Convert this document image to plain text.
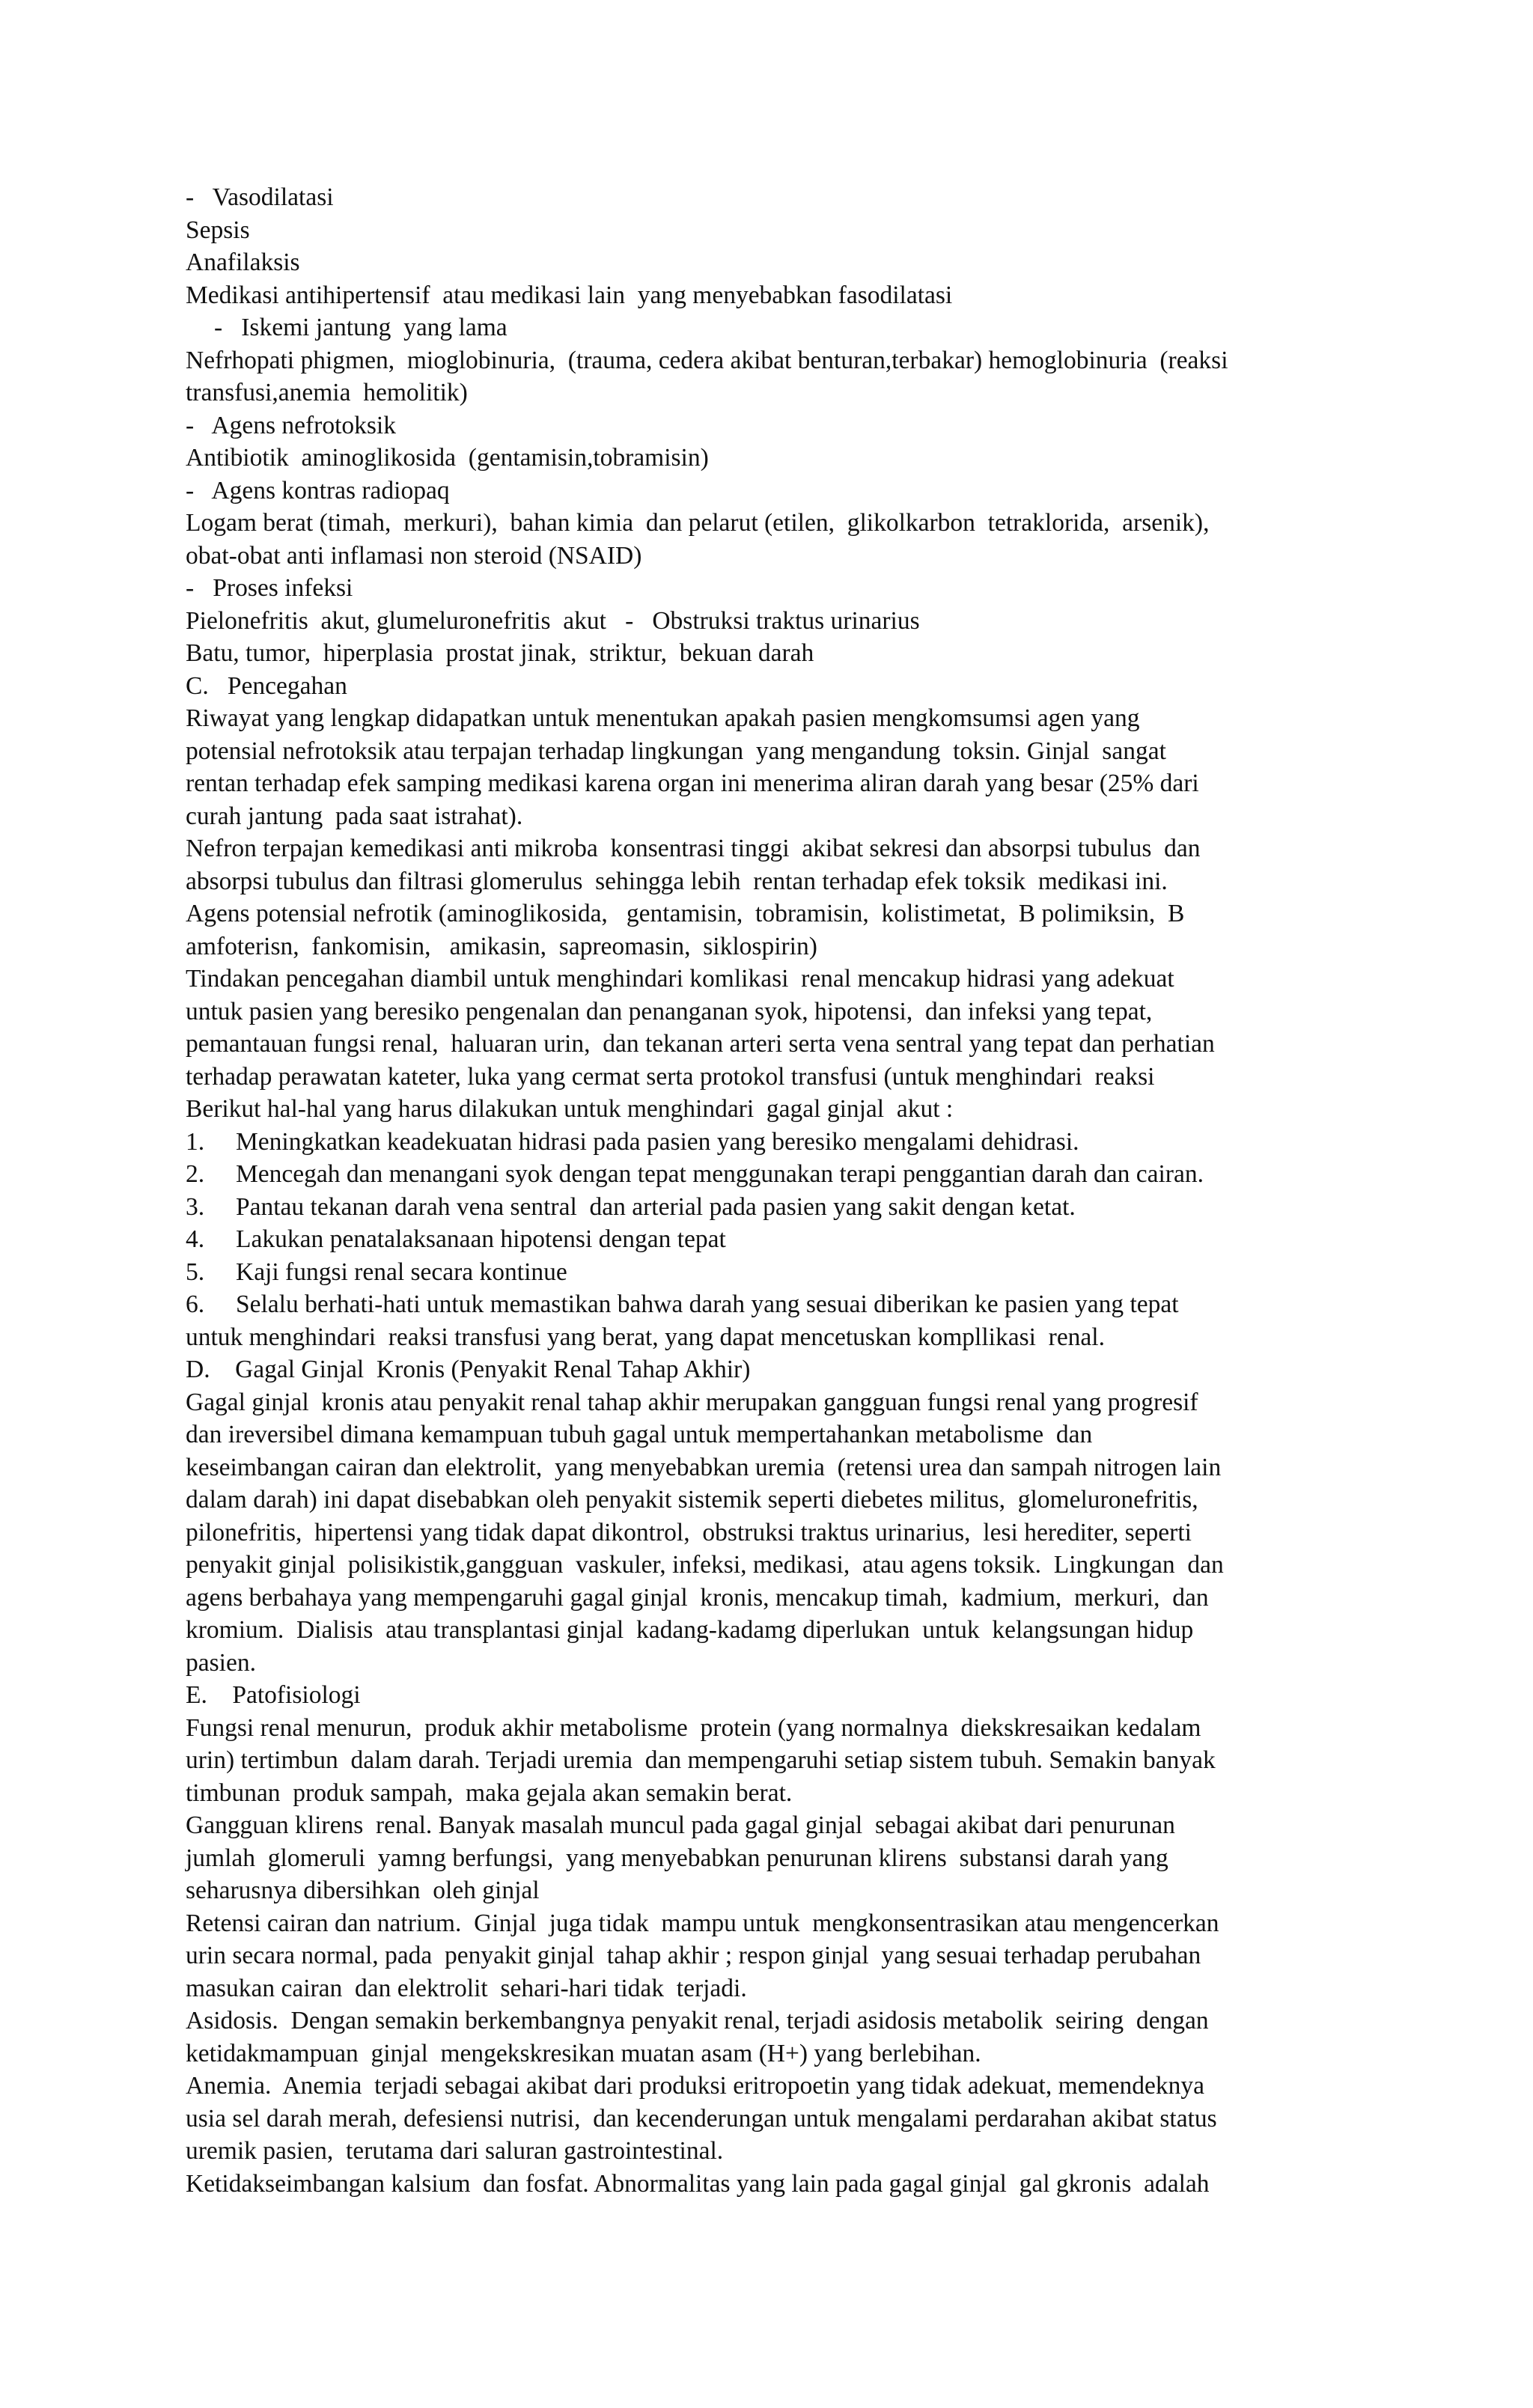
-   Vasodilatasi
Sepsis
Anafilaksis
Medikasi antihipertensif  atau medikasi lain  yang menyebabkan fasodilatasi
-   Iskemi jantung  yang lama
Nefrhopati phigmen,  mioglobinuria,  (trauma, cedera akibat benturan,terbakar) hemoglobinuria  (reaksi
transfusi,anemia  hemolitik)
-   Agens nefrotoksik
Antibiotik  aminoglikosida  (gentamisin,tobramisin)
-   Agens kontras radiopaq
Logam berat (timah,  merkuri),  bahan kimia  dan pelarut (etilen,  glikolkarbon  tetraklorida,  arsenik),
obat-obat anti inflamasi non steroid (NSAID)
-   Proses infeksi
Pielonefritis  akut, glumeluronefritis  akut   -   Obstruksi traktus urinarius
Batu, tumor,  hiperplasia  prostat jinak,  striktur,  bekuan darah
C.   Pencegahan
Riwayat yang lengkap didapatkan untuk menentukan apakah pasien mengkomsumsi agen yang
potensial nefrotoksik atau terpajan terhadap lingkungan  yang mengandung  toksin. Ginjal  sangat
rentan terhadap efek samping medikasi karena organ ini menerima aliran darah yang besar (25% dari
curah jantung  pada saat istrahat).
Nefron terpajan kemedikasi anti mikroba  konsentrasi tinggi  akibat sekresi dan absorpsi tubulus  dan
absorpsi tubulus dan filtrasi glomerulus  sehingga lebih  rentan terhadap efek toksik  medikasi ini.
Agens potensial nefrotik (aminoglikosida,   gentamisin,  tobramisin,  kolistimetat,  B polimiksin,  B
amfoterisn,  fankomisin,   amikasin,  sapreomasin,  siklospirin)
Tindakan pencegahan diambil untuk menghindari komlikasi  renal mencakup hidrasi yang adekuat
untuk pasien yang beresiko pengenalan dan penanganan syok, hipotensi,  dan infeksi yang tepat,
pemantauan fungsi renal,  haluaran urin,  dan tekanan arteri serta vena sentral yang tepat dan perhatian
terhadap perawatan kateter, luka yang cermat serta protokol transfusi (untuk menghindari  reaksi
Berikut hal-hal yang harus dilakukan untuk menghindari  gagal ginjal  akut :
1.     Meningkatkan keadekuatan hidrasi pada pasien yang beresiko mengalami dehidrasi.
2.     Mencegah dan menangani syok dengan tepat menggunakan terapi penggantian darah dan cairan.
3.     Pantau tekanan darah vena sentral  dan arterial pada pasien yang sakit dengan ketat.
4.     Lakukan penatalaksanaan hipotensi dengan tepat
5.     Kaji fungsi renal secara kontinue
6.     Selalu berhati-hati untuk memastikan bahwa darah yang sesuai diberikan ke pasien yang tepat
untuk menghindari  reaksi transfusi yang berat, yang dapat mencetuskan kompllikasi  renal.
D.    Gagal Ginjal  Kronis (Penyakit Renal Tahap Akhir)
Gagal ginjal  kronis atau penyakit renal tahap akhir merupakan gangguan fungsi renal yang progresif
dan ireversibel dimana kemampuan tubuh gagal untuk mempertahankan metabolisme  dan
keseimbangan cairan dan elektrolit,  yang menyebabkan uremia  (retensi urea dan sampah nitrogen lain
dalam darah) ini dapat disebabkan oleh penyakit sistemik seperti diebetes militus,  glomeluronefritis,
pilonefritis,  hipertensi yang tidak dapat dikontrol,  obstruksi traktus urinarius,  lesi herediter, seperti
penyakit ginjal  polisikistik,gangguan  vaskuler, infeksi, medikasi,  atau agens toksik.  Lingkungan  dan
agens berbahaya yang mempengaruhi gagal ginjal  kronis, mencakup timah,  kadmium,  merkuri,  dan
kromium.  Dialisis  atau transplantasi ginjal  kadang-kadamg diperlukan  untuk  kelangsungan hidup
pasien.
E.    Patofisiologi
Fungsi renal menurun,  produk akhir metabolisme  protein (yang normalnya  diekskresaikan kedalam
urin) tertimbun  dalam darah. Terjadi uremia  dan mempengaruhi setiap sistem tubuh. Semakin banyak
timbunan  produk sampah,  maka gejala akan semakin berat.
Gangguan klirens  renal. Banyak masalah muncul pada gagal ginjal  sebagai akibat dari penurunan
jumlah  glomeruli  yamng berfungsi,  yang menyebabkan penurunan klirens  substansi darah yang
seharusnya dibersihkan  oleh ginjal
Retensi cairan dan natrium.  Ginjal  juga tidak  mampu untuk  mengkonsentrasikan atau mengencerkan
urin secara normal, pada  penyakit ginjal  tahap akhir ; respon ginjal  yang sesuai terhadap perubahan
masukan cairan  dan elektrolit  sehari-hari tidak  terjadi.
Asidosis.  Dengan semakin berkembangnya penyakit renal, terjadi asidosis metabolik  seiring  dengan
ketidakmampuan  ginjal  mengekskresikan muatan asam (H+) yang berlebihan.
Anemia.  Anemia  terjadi sebagai akibat dari produksi eritropoetin yang tidak adekuat, memendeknya
usia sel darah merah, defesiensi nutrisi,  dan kecenderungan untuk mengalami perdarahan akibat status
uremik pasien,  terutama dari saluran gastrointestinal.
Ketidakseimbangan kalsium  dan fosfat. Abnormalitas yang lain pada gagal ginjal  gal gkronis  adalah
